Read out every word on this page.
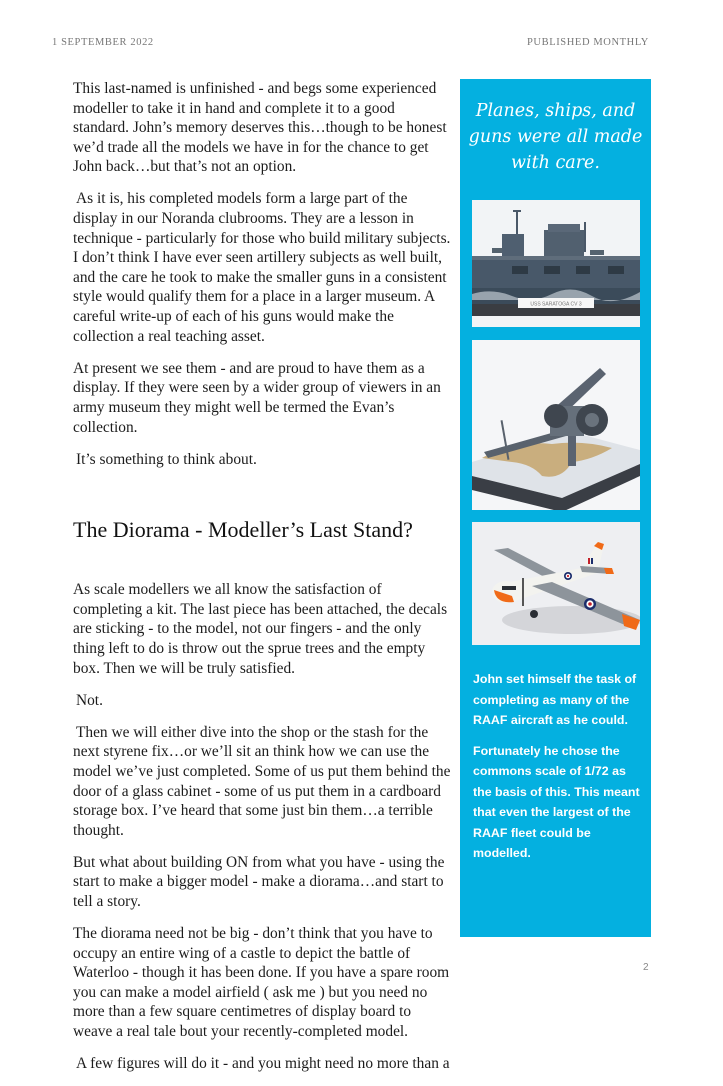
1 SEPTEMBER 2022	PUBLISHED MONTHLY

This last-named is unfinished - and begs some experienced modeller to take it in hand and complete it to a good standard. John’s memory deserves this…though to be honest we’d trade all the models we have in for the chance to get John back…but that’s not an option.

As it is, his completed models form a large part of the display in our Noranda clubrooms. They are a lesson in technique - particularly for those who build military subjects. I don’t think I have ever seen artillery subjects as well built, and the care he took to make the smaller guns in a consistent style would qualify them for a place in a larger museum. A careful write-up of each of his guns would make the collection a real teaching asset.

At present we see them - and are proud to have them as a display. If they were seen by a wider group of viewers in an army museum they might well be termed the Evan’s collection.

It’s something to think about.

The Diorama - Modeller’s Last Stand?

As scale modellers we all know the satisfaction of completing a kit. The last piece has been attached, the decals are sticking - to the model, not our fingers - and the only thing left to do is throw out the sprue trees and the empty box. Then we will be truly satisfied.

Not.

Then we will either dive into the shop or the stash for the next styrene fix…or we’ll sit an think how we can use the model we’ve just completed. Some of us put them behind the door of a glass cabinet - some of us put them in a cardboard storage box. I’ve heard that some just bin them…a terrible thought.

But what about building ON from what you have - using the start to make a bigger model - make a diorama…and start to tell a story.

The diorama need not be big - don’t think that you have to occupy an entire wing of a castle to depict the battle of Waterloo - though it has been done. If you have a spare room you can make a model airfield ( ask me ) but you need no more than a few square centimetres of display board to weave a real tale bout your recently-completed model.

A few figures will do it - and you might need no more than a

Planes, ships, and guns were all made with care.
USS SARATOGA CV 3

John set himself the task of completing as many of the RAAF aircraft as he could.

Fortunately he chose the commons scale of 1/72 as the basis of this. This meant that even the largest of the RAAF fleet could be modelled.

2
